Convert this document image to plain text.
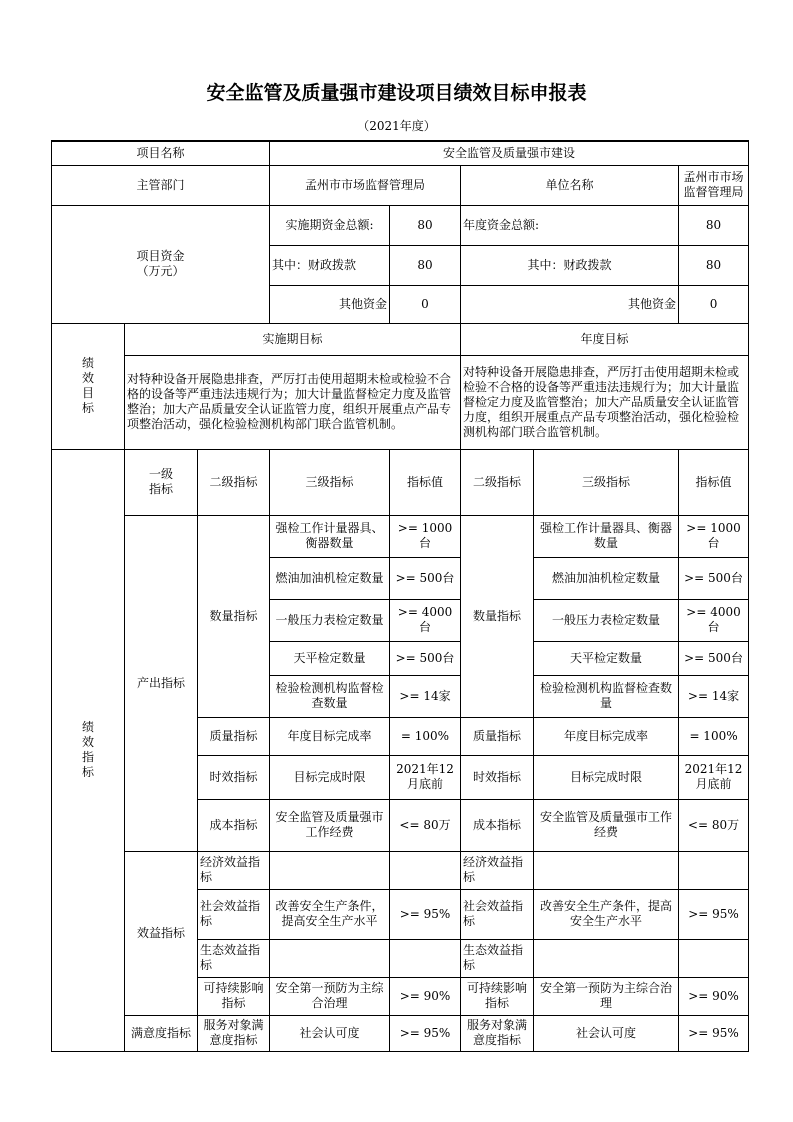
安全监管及质量强市建设项目绩效目标申报表
（2021年度）
项目名称			安全监管及质量强市建设				
主管部门			孟州市市场监督管理局		单位名称		孟州市市场监督管理局
项目资金
（万元）			实施期资金总额:	80	年度资金总额:		80
			其中：财政拨款	80	其中：财政拨款		80
			其他资金	0	其他资金		0
绩效目标	实施期目标				年度目标		
	对特种设备开展隐患排查，严厉打击使用超期未检或检验不合格的设备等严重违法违规行为；加大计量监督检定力度及监管整治；加大产品质量安全认证监管力度，组织开展重点产品专项整治活动，强化检验检测机构部门联合监管机制。				对特种设备开展隐患排查，严厉打击使用超期未检或检验不合格的设备等严重违法违规行为；加大计量监督检定力度及监管整治；加大产品质量安全认证监管力度，组织开展重点产品专项整治活动，强化检验检测机构部门联合监管机制。		
绩效指标	一级指标	二级指标	三级指标	指标值	二级指标	三级指标	指标值
	产出指标	数量指标	强检工作计量器具、衡器数量	>= 1000台	数量指标	强检工作计量器具、衡器数量	>= 1000台
			燃油加油机检定数量	>= 500台		燃油加油机检定数量	>= 500台
			一般压力表检定数量	>= 4000台		一般压力表检定数量	>= 4000台
			天平检定数量	>= 500台		天平检定数量	>= 500台
			检验检测机构监督检查数量	>= 14家		检验检测机构监督检查数量	>= 14家
		质量指标	年度目标完成率	= 100%	质量指标	年度目标完成率	= 100%
		时效指标	目标完成时限	2021年12月底前	时效指标	目标完成时限	2021年12月底前
		成本指标	安全监管及质量强市工作经费	<= 80万	成本指标	安全监管及质量强市工作经费	<= 80万
	效益指标	经济效益指标			经济效益指标		
		社会效益指标	改善安全生产条件，提高安全生产水平	>= 95%	社会效益指标	改善安全生产条件，提高安全生产水平	>= 95%
		生态效益指标			生态效益指标		
		可持续影响指标	安全第一预防为主综合治理	>= 90%	可持续影响指标	安全第一预防为主综合治理	>= 90%
	满意度指标	服务对象满意度指标	社会认可度	>= 95%	服务对象满意度指标	社会认可度	>= 95%
